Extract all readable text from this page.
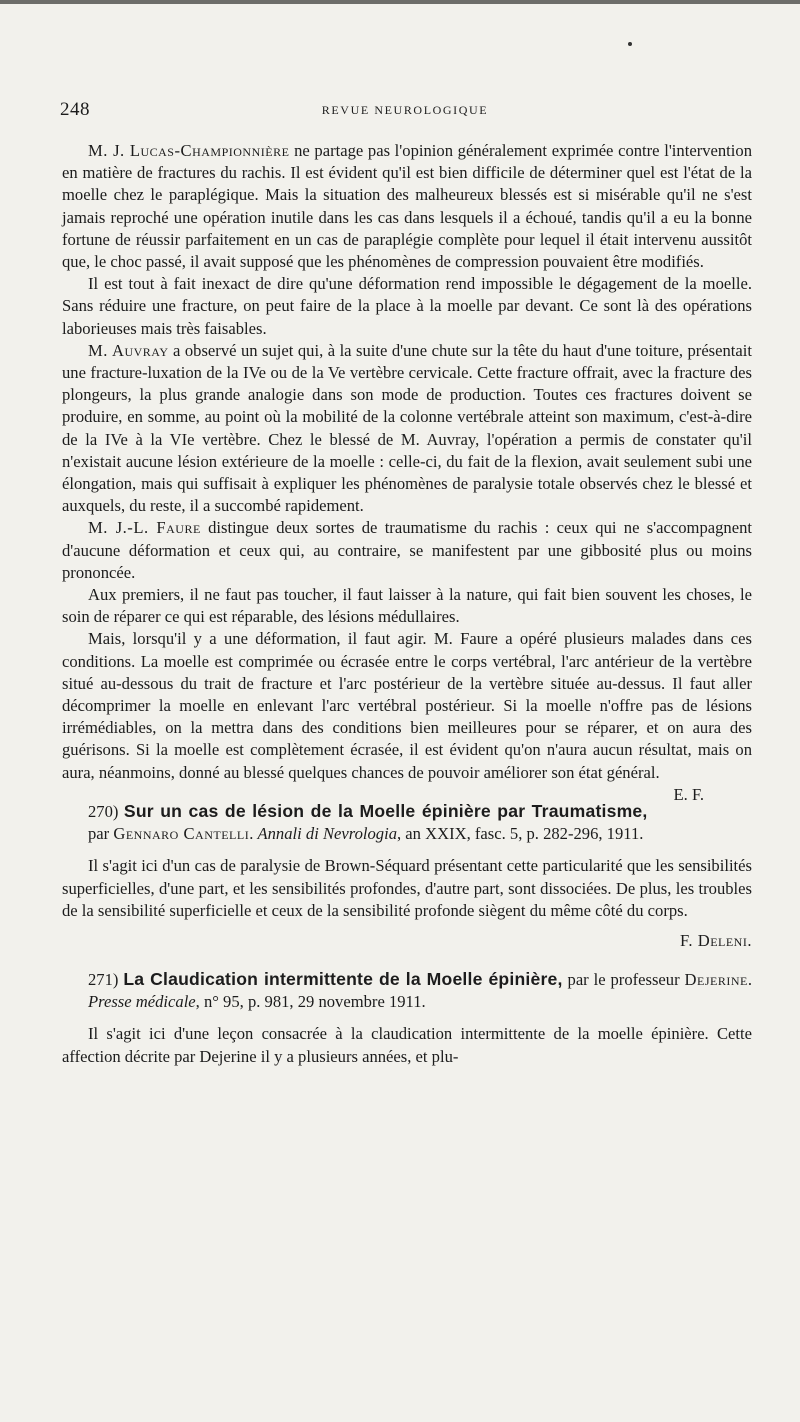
248	REVUE NEUROLOGIQUE

M. J. Lucas-Championnière ne partage pas l'opinion généralement exprimée contre l'intervention en matière de fractures du rachis. Il est évident qu'il est bien difficile de déterminer quel est l'état de la moelle chez le paraplégique. Mais la situation des malheureux blessés est si misérable qu'il ne s'est jamais reproché une opération inutile dans les cas dans lesquels il a échoué, tandis qu'il a eu la bonne fortune de réussir parfaitement en un cas de paraplégie complète pour lequel il était intervenu aussitôt que, le choc passé, il avait supposé que les phénomènes de compression pouvaient être modifiés.

Il est tout à fait inexact de dire qu'une déformation rend impossible le dégagement de la moelle. Sans réduire une fracture, on peut faire de la place à la moelle par devant. Ce sont là des opérations laborieuses mais très faisables.

M. Auvray a observé un sujet qui, à la suite d'une chute sur la tête du haut d'une toiture, présentait une fracture-luxation de la IVe ou de la Ve vertèbre cervicale. Cette fracture offrait, avec la fracture des plongeurs, la plus grande analogie dans son mode de production. Toutes ces fractures doivent se produire, en somme, au point où la mobilité de la colonne vertébrale atteint son maximum, c'est-à-dire de la IVe à la VIe vertèbre. Chez le blessé de M. Auvray, l'opération a permis de constater qu'il n'existait aucune lésion extérieure de la moelle : celle-ci, du fait de la flexion, avait seulement subi une élongation, mais qui suffisait à expliquer les phénomènes de paralysie totale observés chez le blessé et auxquels, du reste, il a succombé rapidement.

M. J.-L. Faure distingue deux sortes de traumatisme du rachis : ceux qui ne s'accompagnent d'aucune déformation et ceux qui, au contraire, se manifestent par une gibbosité plus ou moins prononcée.

Aux premiers, il ne faut pas toucher, il faut laisser à la nature, qui fait bien souvent les choses, le soin de réparer ce qui est réparable, des lésions médullaires.

Mais, lorsqu'il y a une déformation, il faut agir. M. Faure a opéré plusieurs malades dans ces conditions. La moelle est comprimée ou écrasée entre le corps vertébral, l'arc antérieur de la vertèbre situé au-dessous du trait de fracture et l'arc postérieur de la vertèbre située au-dessus. Il faut aller décomprimer la moelle en enlevant l'arc vertébral postérieur. Si la moelle n'offre pas de lésions irrémédiables, on la mettra dans des conditions bien meilleures pour se réparer, et on aura des guérisons. Si la moelle est complètement écrasée, il est évident qu'on n'aura aucun résultat, mais on aura, néanmoins, donné au blessé quelques chances de pouvoir améliorer son état général.
E. F.

270) Sur un cas de lésion de la Moelle épinière par Traumatisme, par Gennaro Cantelli. Annali di Nevrologia, an XXIX, fasc. 5, p. 282-296, 1911.

Il s'agit ici d'un cas de paralysie de Brown-Séquard présentant cette particularité que les sensibilités superficielles, d'une part, et les sensibilités profondes, d'autre part, sont dissociées. De plus, les troubles de la sensibilité superficielle et ceux de la sensibilité profonde siègent du même côté du corps.

F. Deleni.

271) La Claudication intermittente de la Moelle épinière, par le professeur Dejerine. Presse médicale, n° 95, p. 981, 29 novembre 1911.

Il s'agit ici d'une leçon consacrée à la claudication intermittente de la moelle épinière. Cette affection décrite par Dejerine il y a plusieurs années, et plu-
